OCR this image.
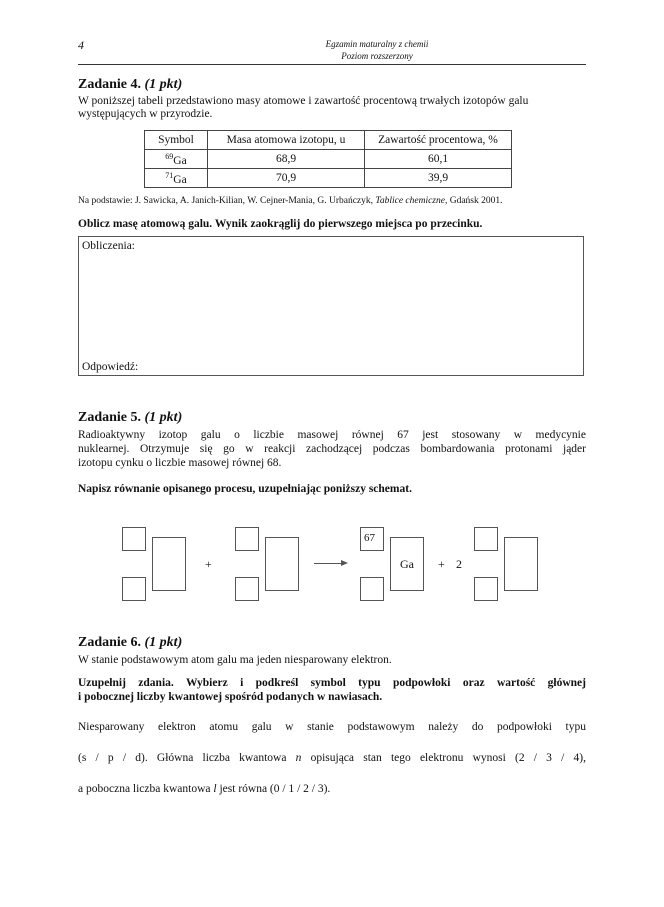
4	Egzamin maturalny z chemii
Poziom rozszerzony
Zadanie 4. (1 pkt)
W poniższej tabeli przedstawiono masy atomowe i zawartość procentową trwałych izotopów galu występujących w przyrodzie.
Symbol	Masa atomowa izotopu, u	Zawartość procentowa, %
$^{69}$Ga	68,9	60,1
$^{71}$Ga	70,9	39,9
Na podstawie: J. Sawicka, A. Janich-Kilian, W. Cejner-Mania, G. Urbańczyk, Tablice chemiczne, Gdańsk 2001.
Oblicz masę atomową galu. Wynik zaokrąglij do pierwszego miejsca po przecinku.
Obliczenia:
Odpowiedź:
Zadanie 5. (1 pkt)
Radioaktywny izotop galu o liczbie masowej równej 67 jest stosowany w medycynie
nuklearnej. Otrzymuje się go w reakcji zachodzącej podczas bombardowania protonami jąder
izotopu cynku o liczbie masowej równej 68.
Napisz równanie opisanego procesu, uzupełniając poniższy schemat.
+
67
Ga	+ 2
Zadanie 6. (1 pkt)
W stanie podstawowym atom galu ma jeden niesparowany elektron.
Uzupełnij zdania. Wybierz i podkreśl symbol typu podpowłoki oraz wartość głównej
i pobocznej liczby kwantowej spośród podanych w nawiasach.
Niesparowany elektron atomu galu w stanie podstawowym należy do podpowłoki typu
(s / p / d). Główna liczba kwantowa n opisująca stan tego elektronu wynosi (2 / 3 / 4),
a poboczna liczba kwantowa l jest równa (0 / 1 / 2 / 3).
